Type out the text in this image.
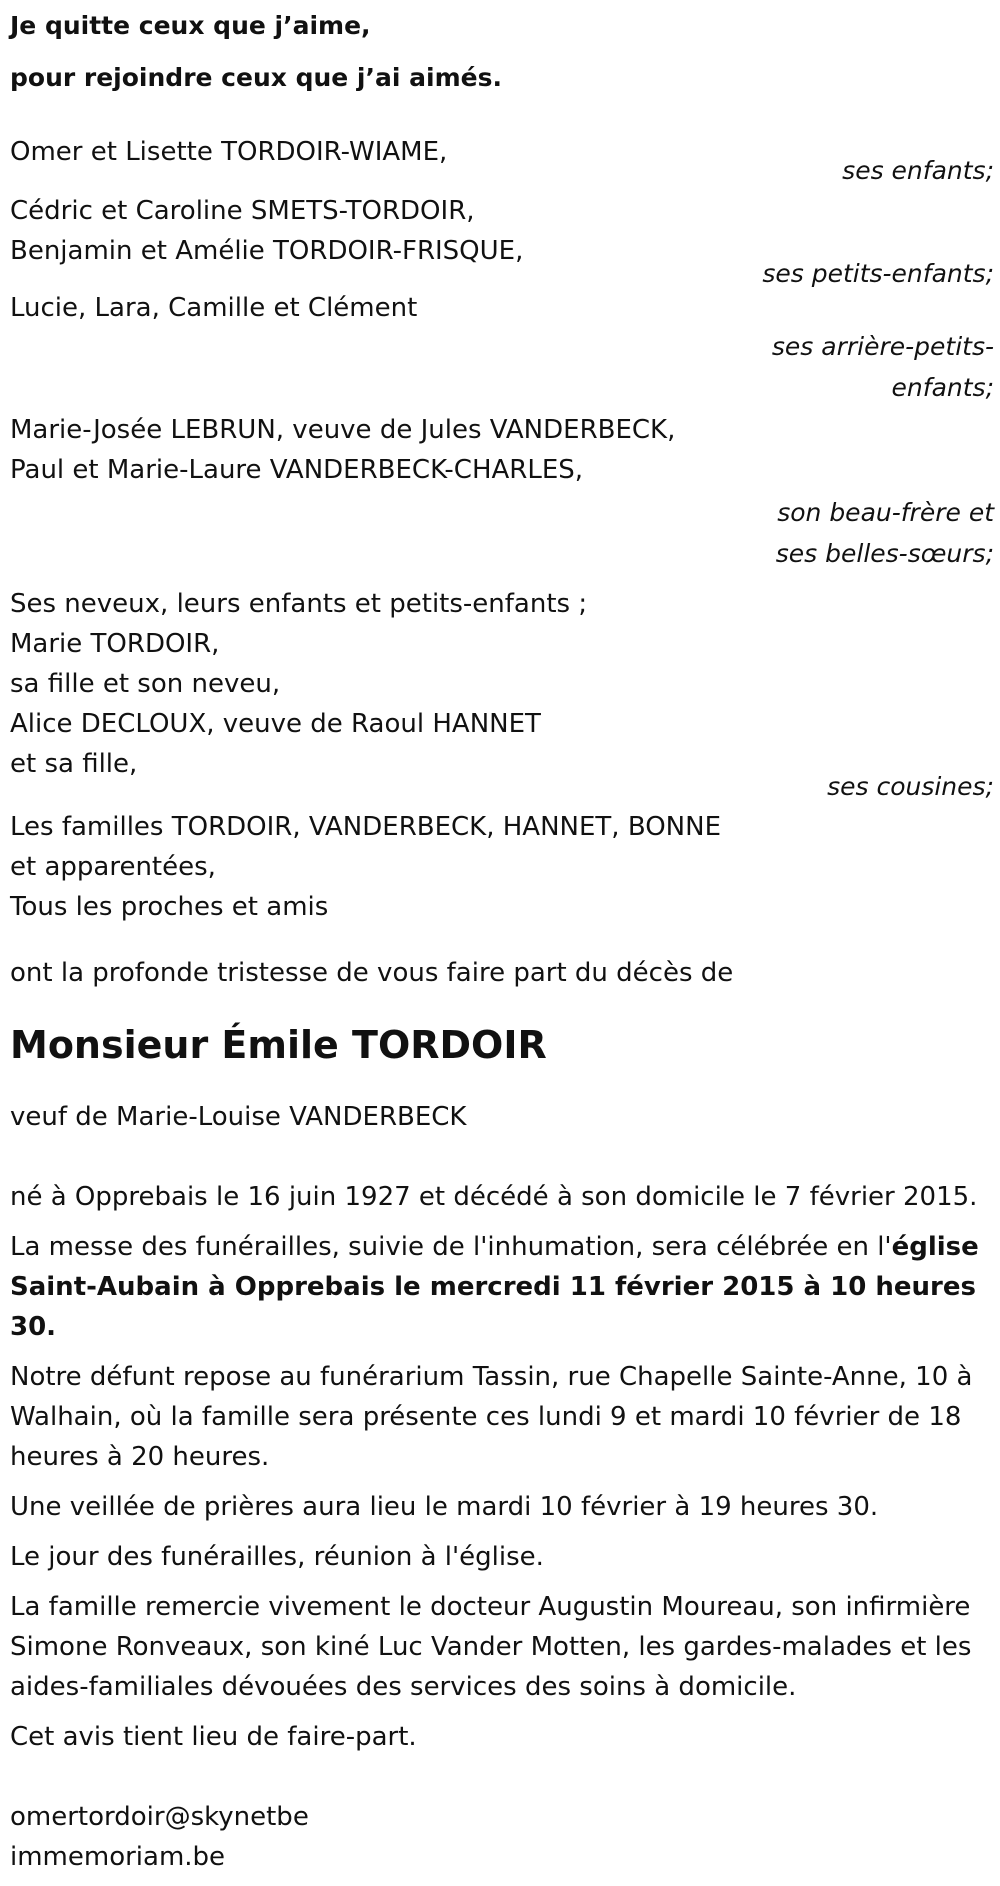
Je quitte ceux que j’aime,
pour rejoindre ceux que j’ai aimés.
Omer et Lisette TORDOIR-WIAME,
ses enfants;
Cédric et Caroline SMETS-TORDOIR,
Benjamin et Amélie TORDOIR-FRISQUE,
ses petits-enfants;
Lucie, Lara, Camille et Clément
ses arrière-petits-
enfants;
Marie-Josée LEBRUN, veuve de Jules VANDERBECK,
Paul et Marie-Laure VANDERBECK-CHARLES,
son beau-frère et
ses belles-sœurs;
Ses neveux, leurs enfants et petits-enfants ;
Marie TORDOIR,
sa fille et son neveu,
Alice DECLOUX, veuve de Raoul HANNET
et sa fille,
ses cousines;
Les familles TORDOIR, VANDERBECK, HANNET, BONNE
et apparentées,
Tous les proches et amis
ont la profonde tristesse de vous faire part du décès de
Monsieur Émile TORDOIR
veuf de Marie-Louise VANDERBECK
né à Opprebais le 16 juin 1927 et décédé à son domicile le 7 février 2015.
La messe des funérailles, suivie de l'inhumation, sera célébrée en l'église Saint-Aubain à Opprebais le mercredi 11 février 2015 à 10 heures 30.
Notre défunt repose au funérarium Tassin, rue Chapelle Sainte-Anne, 10 à Walhain, où la famille sera présente ces lundi 9 et mardi 10 février de 18 heures à 20 heures.
Une veillée de prières aura lieu le mardi 10 février à 19 heures 30.
Le jour des funérailles, réunion à l'église.
La famille remercie vivement le docteur Augustin Moureau, son infirmière Simone Ronveaux, son kiné Luc Vander Motten, les gardes-malades et les aides-familiales dévouées des services des soins à domicile.
Cet avis tient lieu de faire-part.
omertordoir@skynetbe
immemoriam.be
